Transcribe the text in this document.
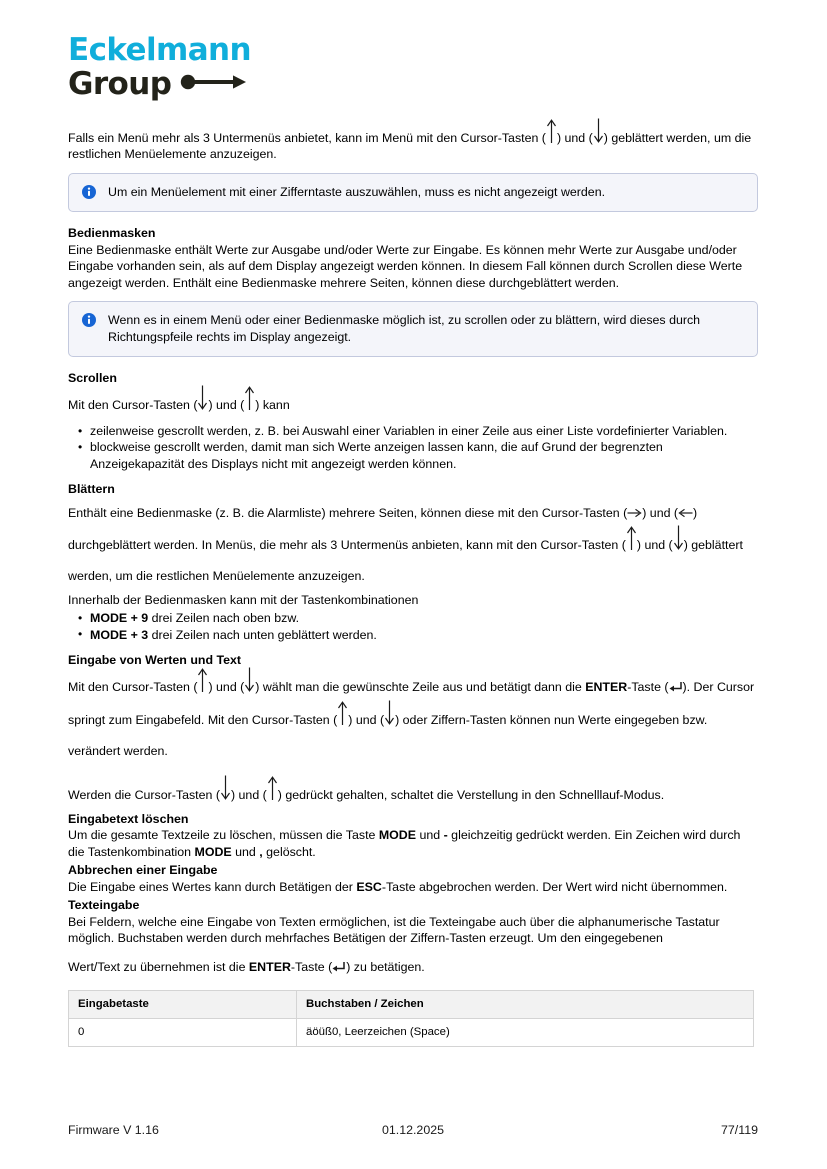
Eckelmann
Group
Falls ein Menü mehr als 3 Untermenüs anbietet, kann im Menü mit den Cursor-Tasten ( ) und ( ) geblättert werden, um die restlichen Menüelemente anzuzeigen.
Um ein Menüelement mit einer Zifferntaste auszuwählen, muss es nicht angezeigt werden.
Bedienmasken
Eine Bedienmaske enthält Werte zur Ausgabe und/oder Werte zur Eingabe. Es können mehr Werte zur Ausgabe und/oder Eingabe vorhanden sein, als auf dem Display angezeigt werden können. In diesem Fall können durch Scrollen diese Werte angezeigt werden. Enthält eine Bedienmaske mehrere Seiten, können diese durchgeblättert werden.
Wenn es in einem Menü oder einer Bedienmaske möglich ist, zu scrollen oder zu blättern, wird dieses durch Richtungspfeile rechts im Display angezeigt.
Scrollen
Mit den Cursor-Tasten ( ) und ( ) kann
• zeilenweise gescrollt werden, z. B. bei Auswahl einer Variablen in einer Zeile aus einer Liste vordefinierter Variablen.
• blockweise gescrollt werden, damit man sich Werte anzeigen lassen kann, die auf Grund der begrenzten Anzeigekapazität des Displays nicht mit angezeigt werden können.
Blättern
Enthält eine Bedienmaske (z. B. die Alarmliste) mehrere Seiten, können diese mit den Cursor-Tasten ( ) und ( ) durchgeblättert werden. In Menüs, die mehr als 3 Untermenüs anbieten, kann mit den Cursor-Tasten ( ) und ( ) geblättert werden, um die restlichen Menüelemente anzuzeigen.
Innerhalb der Bedienmasken kann mit der Tastenkombinationen
• MODE + 9 drei Zeilen nach oben bzw.
• MODE + 3 drei Zeilen nach unten geblättert werden.
Eingabe von Werten und Text
Mit den Cursor-Tasten ( ) und ( ) wählt man die gewünschte Zeile aus und betätigt dann die ENTER-Taste ( ). Der Cursor springt zum Eingabefeld. Mit den Cursor-Tasten ( ) und ( ) oder Ziffern-Tasten können nun Werte eingegeben bzw. verändert werden.
Werden die Cursor-Tasten ( ) und ( ) gedrückt gehalten, schaltet die Verstellung in den Schnelllauf-Modus.
Eingabetext löschen
Um die gesamte Textzeile zu löschen, müssen die Taste MODE und - gleichzeitig gedrückt werden. Ein Zeichen wird durch die Tastenkombination MODE und , gelöscht.
Abbrechen einer Eingabe
Die Eingabe eines Wertes kann durch Betätigen der ESC-Taste abgebrochen werden. Der Wert wird nicht übernommen.
Texteingabe
Bei Feldern, welche eine Eingabe von Texten ermöglichen, ist die Texteingabe auch über die alphanumerische Tastatur möglich. Buchstaben werden durch mehrfaches Betätigen der Ziffern-Tasten erzeugt. Um den eingegebenen
Wert/Text zu übernehmen ist die ENTER-Taste ( ) zu betätigen.
Eingabetaste	Buchstaben / Zeichen
0	äöüß0, Leerzeichen (Space)
Firmware V 1.16	01.12.2025	77/119
